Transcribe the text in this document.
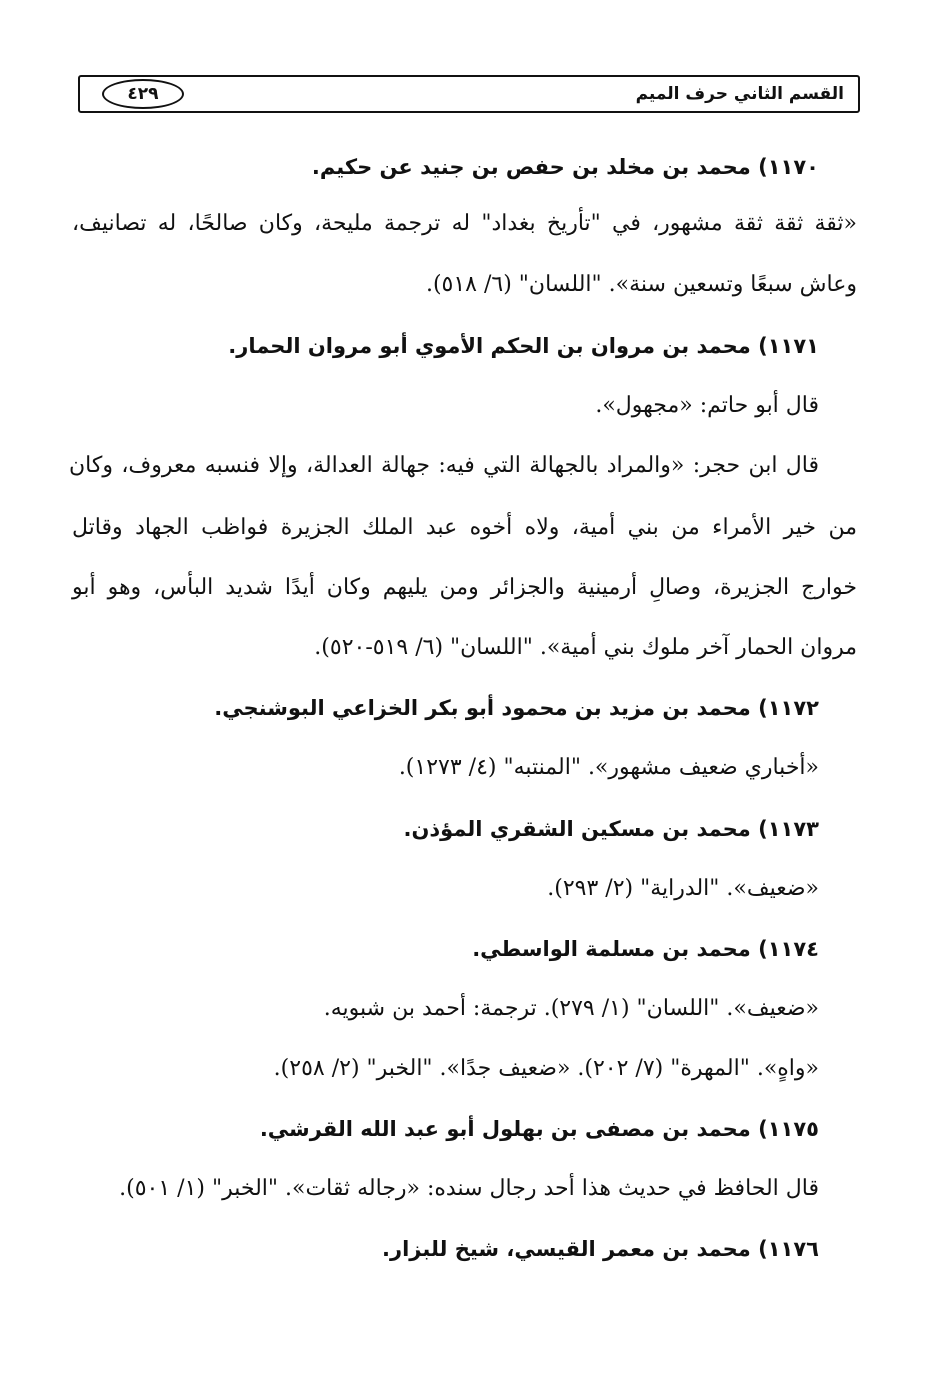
القسم الثاني حرف الميم
٤٢٩
١١٧٠) محمد بن مخلد بن حفص بن جنيد عن حكيم.
«ثقة ثقة ثقة مشهور، في "تأريخ بغداد" له ترجمة مليحة، وكان صالحًا، له تصانيف،
وعاش سبعًا وتسعين سنة». "اللسان" (٦/ ٥١٨).
١١٧١) محمد بن مروان بن الحكم الأموي أبو مروان الحمار.
قال أبو حاتم: «مجهول».
قال ابن حجر: «والمراد بالجهالة التي فيه: جهالة العدالة، وإلا فنسبه معروف، وكان
من خير الأمراء من بني أمية، ولاه أخوه عبد الملك الجزيرة فواظب الجهاد وقاتل
خوارج الجزيرة، وصالِ أرمينية والجزائر ومن يليهم وكان أيدًا شديد البأس، وهو أبو
مروان الحمار آخر ملوك بني أمية». "اللسان" (٦/ ٥١٩-٥٢٠).
١١٧٢) محمد بن مزيد بن محمود أبو بكر الخزاعي البوشنجي.
«أخباري ضعيف مشهور». "المنتبه" (٤/ ١٢٧٣).
١١٧٣) محمد بن مسكين الشقري المؤذن.
«ضعيف». "الدراية" (٢/ ٢٩٣).
١١٧٤) محمد بن مسلمة الواسطي.
«ضعيف». "اللسان" (١/ ٢٧٩). ترجمة: أحمد بن شبويه.
«واهٍ». "المهرة" (٧/ ٢٠٢). «ضعيف جدًا». "الخبر" (٢/ ٢٥٨).
١١٧٥) محمد بن مصفى بن بهلول أبو عبد الله القرشي.
قال الحافظ في حديث هذا أحد رجال سنده: «رجاله ثقات». "الخبر" (١/ ٥٠١).
١١٧٦) محمد بن معمر القيسي، شيخ للبزار.
